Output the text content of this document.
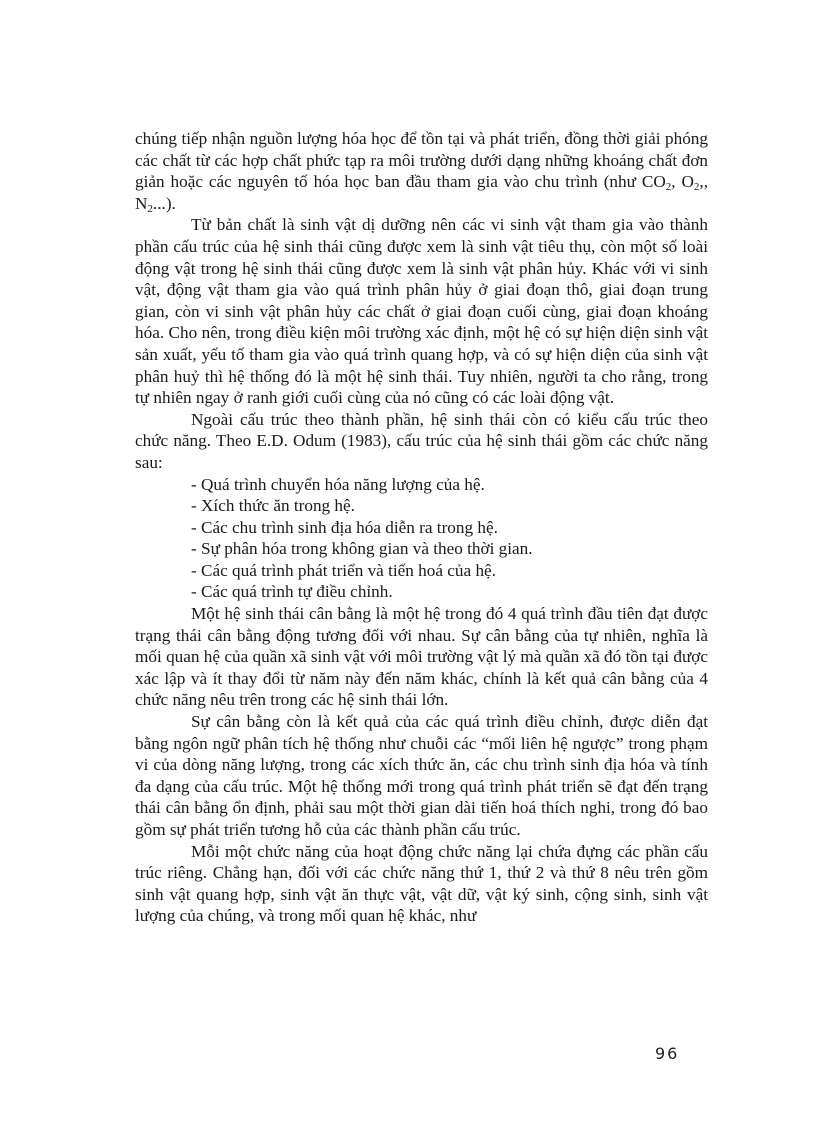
chúng tiếp nhận nguồn lượng hóa học để tồn tại và phát triển, đồng thời giải phóng các chất từ các hợp chất phức tạp ra môi trường dưới dạng những khoáng chất đơn giản hoặc các nguyên tố hóa học ban đầu tham gia vào chu trình (như $CO_2$, $O_2$,, $N_2$...).

Từ bản chất là sinh vật dị dưỡng nên các vi sinh vật tham gia vào thành phần cấu trúc của hệ sinh thái cũng được xem là sinh vật tiêu thụ, còn một số loài động vật trong hệ sinh thái cũng được xem là sinh vật phân hủy. Khác với vi sinh vật, động vật tham gia vào quá trình phân hủy ở giai đoạn thô, giai đoạn trung gian, còn vi sinh vật phân hủy các chất ở giai đoạn cuối cùng, giai đoạn khoáng hóa. Cho nên, trong điều kiện môi trường xác định, một hệ có sự hiện diện sinh vật sản xuất, yếu tố tham gia vào quá trình quang hợp, và có sự hiện diện của sinh vật phân huỷ thì hệ thống đó là một hệ sinh thái. Tuy nhiên, người ta cho rằng, trong tự nhiên ngay ở ranh giới cuối cùng của nó cũng có các loài động vật.

Ngoài cấu trúc theo thành phần, hệ sinh thái còn có kiểu cấu trúc theo chức năng. Theo E.D. Odum (1983), cấu trúc của hệ sinh thái gồm các chức năng sau:

- Quá trình chuyển hóa năng lượng của hệ.
- Xích thức ăn trong hệ.
- Các chu trình sinh địa hóa diễn ra trong hệ.
- Sự phân hóa trong không gian và theo thời gian.
- Các quá trình phát triển và tiến hoá của hệ.
- Các quá trình tự điều chỉnh.

Một hệ sinh thái cân bằng là một hệ trong đó 4 quá trình đầu tiên đạt được trạng thái cân bằng động tương đối với nhau. Sự cân bằng của tự nhiên, nghĩa là mối quan hệ của quần xã sinh vật với môi trường vật lý mà quần xã đó tồn tại được xác lập và ít thay đổi từ năm này đến năm khác, chính là kết quả cân bằng của 4 chức năng nêu trên trong các hệ sinh thái lớn.

Sự cân bằng còn là kết quả của các quá trình điều chỉnh, được diễn đạt bằng ngôn ngữ phân tích hệ thống như chuỗi các “mối liên hệ ngược” trong phạm vi của dòng năng lượng, trong các xích thức ăn, các chu trình sinh địa hóa và tính đa dạng của cấu trúc. Một hệ thống mới trong quá trình phát triển sẽ đạt đến trạng thái cân bằng ổn định, phải sau một thời gian dài tiến hoá thích nghi, trong đó bao gồm sự phát triển tương hỗ của các thành phần cấu trúc.

Mỗi một chức năng của hoạt động chức năng lại chứa đựng các phần cấu trúc riêng. Chẳng hạn, đối với các chức năng thứ 1, thứ 2 và thứ 8 nêu trên gồm sinh vật quang hợp, sinh vật ăn thực vật, vật dữ, vật ký sinh, cộng sinh, sinh vật lượng của chúng, và trong mối quan hệ khác, như

96
